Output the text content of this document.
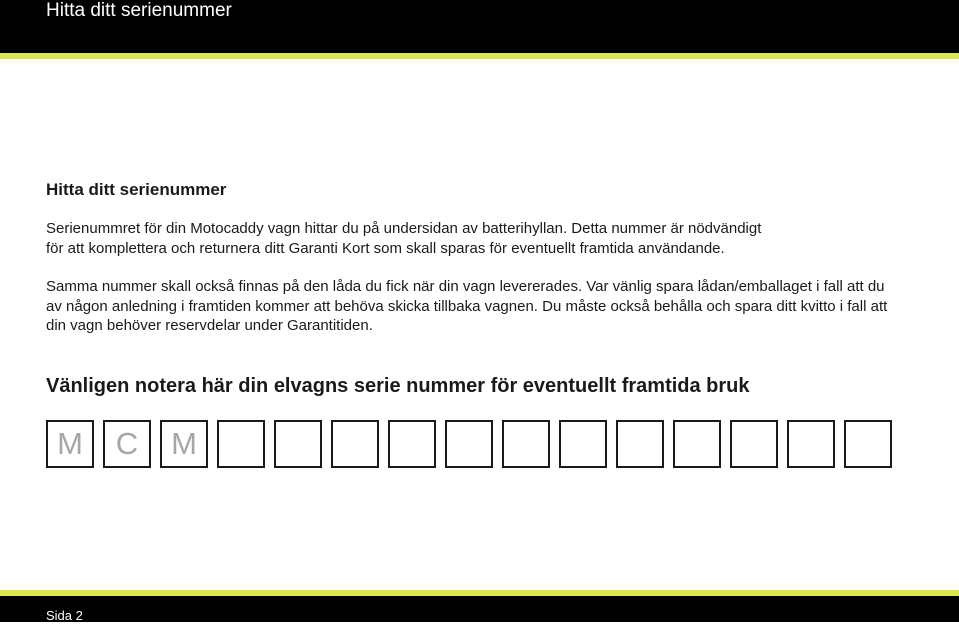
Hitta ditt serienummer
Hitta ditt serienummer
Serienummret för din Motocaddy vagn hittar du på undersidan av batterihyllan. Detta nummer är nödvändigt
för att komplettera och returnera ditt Garanti Kort som skall sparas för eventuellt framtida användande.
Samma nummer skall också finnas på den låda du fick när din vagn levererades. Var vänlig spara lådan/emballaget i fall att du
av någon anledning i framtiden kommer att behöva skicka tillbaka vagnen. Du måste också behålla och spara ditt kvitto i fall att
din vagn behöver reservdelar under Garantitiden.
Vänligen notera här din elvagns serie nummer för eventuellt framtida bruk
M	C	M
Sida 2
